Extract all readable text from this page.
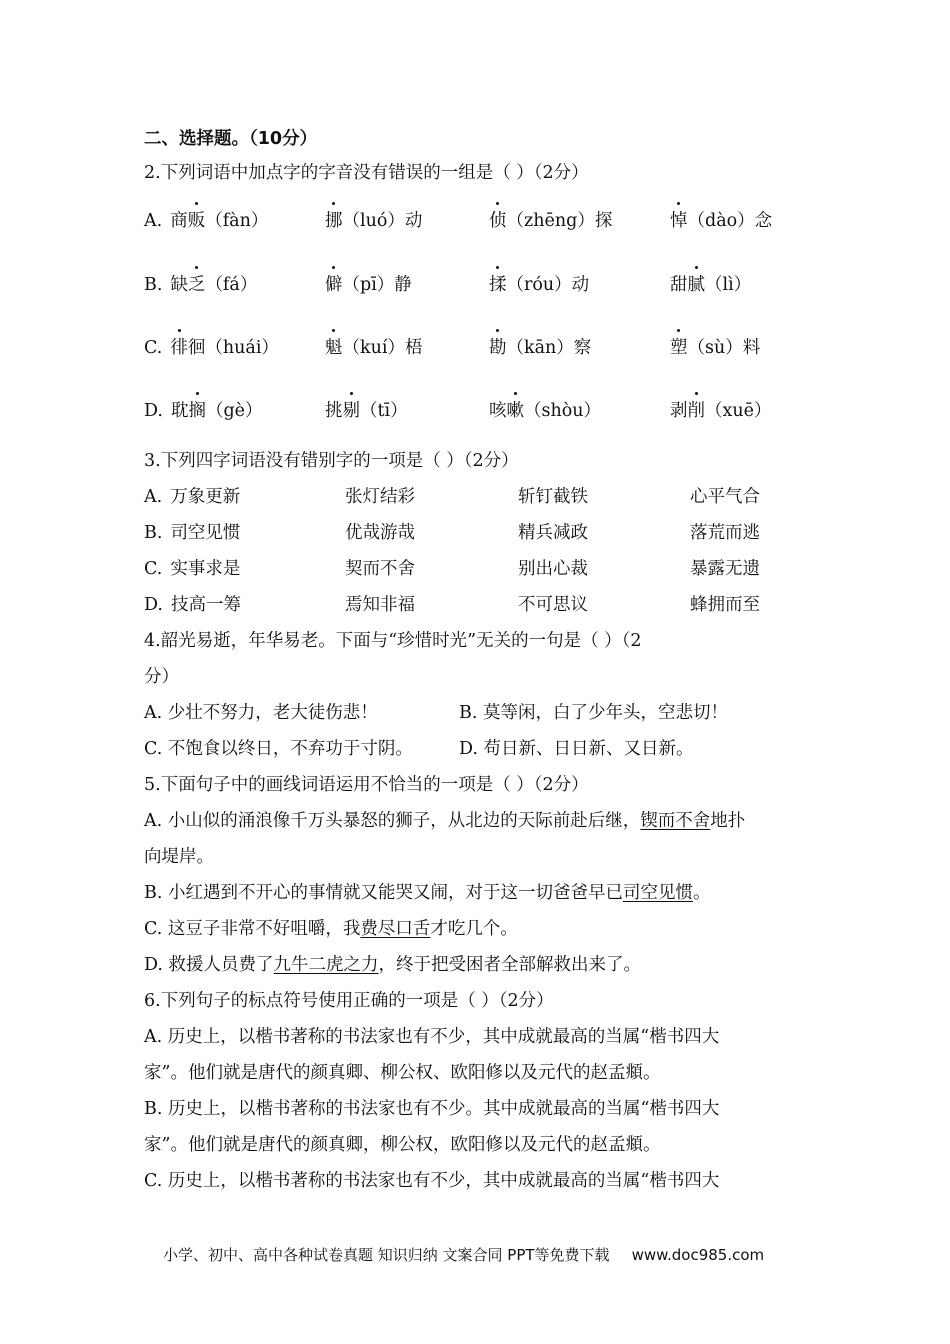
二、选择题。（10分）
2.下列词语中加点字的字音没有错误的一组是（ ）（2分）
A. 商贩（fàn）	挪（luó）动	侦（zhēng）探	悼（dào）念
B. 缺乏（fá）	僻（pī）静	揉（róu）动	甜腻（lì）
C. 徘徊（huái）	魁（kuí）梧	勘（kān）察	塑（sù）料
D. 耽搁（gè）	挑剔（tī）	咳嗽（shòu）	剥削（xuē）
3.下列四字词语没有错别字的一项是（ ）（2分）
A. 万象更新	张灯结彩	斩钉截铁	心平气合
B. 司空见惯	优哉游哉	精兵减政	落荒而逃
C. 实事求是	契而不舍	别出心裁	暴露无遗
D. 技高一筹	焉知非福	不可思议	蜂拥而至
4.韶光易逝，年华易老。下面与“珍惜时光”无关的一句是（ ）（2
分）
A. 少壮不努力，老大徒伤悲！	B. 莫等闲，白了少年头，空悲切！
C. 不饱食以终日，不弃功于寸阴。	D. 苟日新、日日新、又日新。
5.下面句子中的画线词语运用不恰当的一项是（ ）（2分）
A. 小山似的涌浪像千万头暴怒的狮子，从北边的天际前赴后继，锲而不舍地扑
向堤岸。
B. 小红遇到不开心的事情就又能哭又闹，对于这一切爸爸早已司空见惯。
C. 这豆子非常不好咀嚼，我费尽口舌才吃几个。
D. 救援人员费了九牛二虎之力，终于把受困者全部解救出来了。
6.下列句子的标点符号使用正确的一项是（ ）（2分）
A. 历史上，以楷书著称的书法家也有不少，其中成就最高的当属“楷书四大
家”。他们就是唐代的颜真卿、柳公权、欧阳修以及元代的赵孟頫。
B. 历史上，以楷书著称的书法家也有不少。其中成就最高的当属“楷书四大
家”。他们就是唐代的颜真卿，柳公权，欧阳修以及元代的赵孟頫。
C. 历史上，以楷书著称的书法家也有不少，其中成就最高的当属“楷书四大
小学、初中、高中各种试卷真题 知识归纳 文案合同 PPT等免费下载 www.doc985.com
